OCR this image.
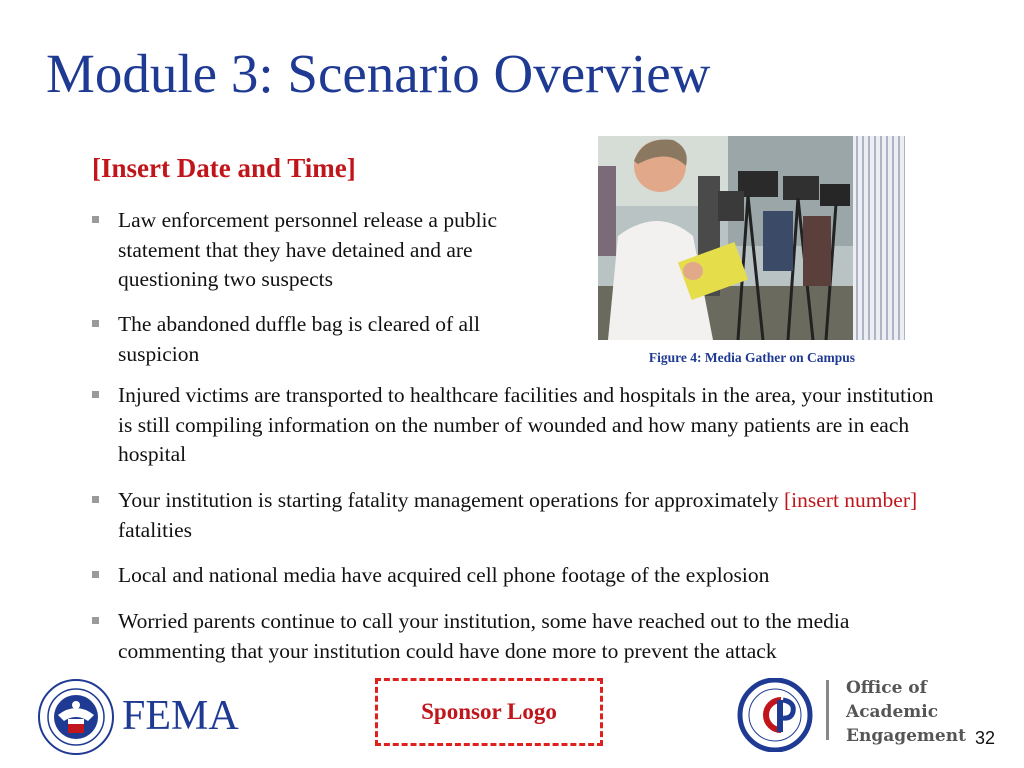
Module 3: Scenario Overview
[Insert Date and Time]
Law enforcement personnel release a public statement that they have detained and are questioning two suspects
The abandoned duffle bag is cleared of all suspicion
Injured victims are transported to healthcare facilities and hospitals in the area, your institution is still compiling information on the number of wounded and how many patients are in each hospital
Your institution is starting fatality management operations for approximately [insert number] fatalities
Local and national media have acquired cell phone footage of the explosion
Worried parents continue to call your institution, some have reached out to the media commenting that your institution could have done more to prevent the attack
Figure 4: Media Gather on Campus
FEMA	Sponsor Logo
Office of
Academic
Engagement 32
